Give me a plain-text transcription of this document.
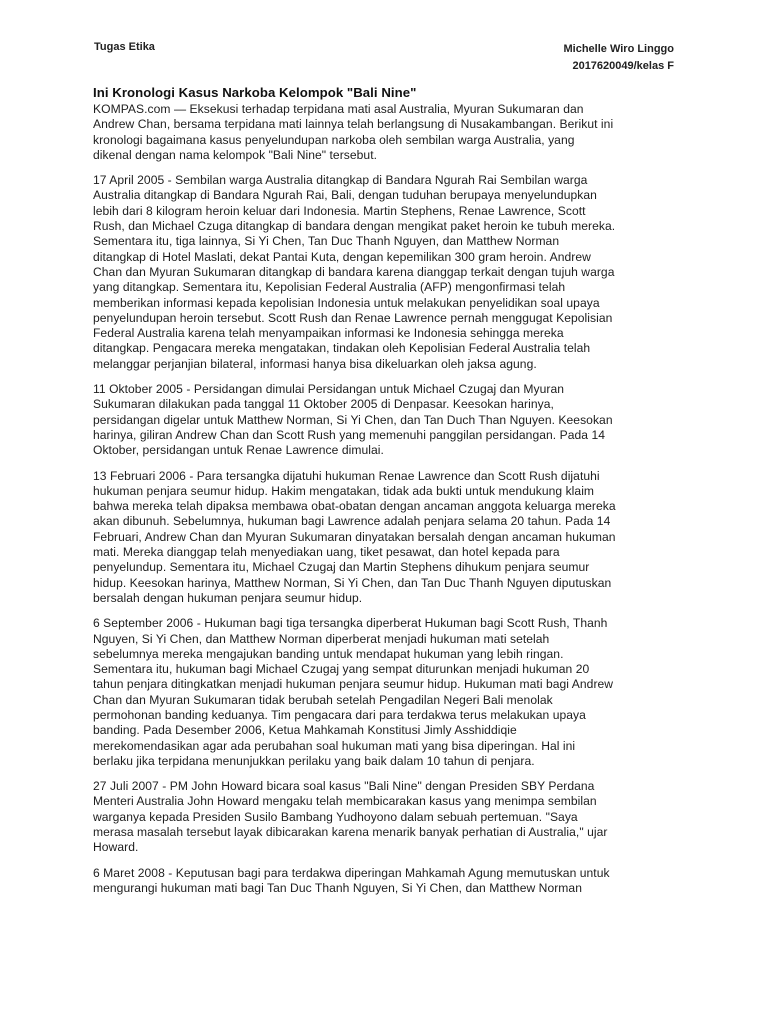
Tugas Etika	Michelle Wiro Linggo
2017620049/kelas F
Ini Kronologi Kasus Narkoba Kelompok "Bali Nine"
KOMPAS.com — Eksekusi terhadap terpidana mati asal Australia, Myuran Sukumaran dan
Andrew Chan, bersama terpidana mati lainnya telah berlangsung di Nusakambangan. Berikut ini
kronologi bagaimana kasus penyelundupan narkoba oleh sembilan warga Australia, yang
dikenal dengan nama kelompok "Bali Nine" tersebut.
17 April 2005 - Sembilan warga Australia ditangkap di Bandara Ngurah Rai Sembilan warga
Australia ditangkap di Bandara Ngurah Rai, Bali, dengan tuduhan berupaya menyelundupkan
lebih dari 8 kilogram heroin keluar dari Indonesia. Martin Stephens, Renae Lawrence, Scott
Rush, dan Michael Czuga ditangkap di bandara dengan mengikat paket heroin ke tubuh mereka.
Sementara itu, tiga lainnya, Si Yi Chen, Tan Duc Thanh Nguyen, dan Matthew Norman
ditangkap di Hotel Maslati, dekat Pantai Kuta, dengan kepemilikan 300 gram heroin. Andrew
Chan dan Myuran Sukumaran ditangkap di bandara karena dianggap terkait dengan tujuh warga
yang ditangkap. Sementara itu, Kepolisian Federal Australia (AFP) mengonfirmasi telah
memberikan informasi kepada kepolisian Indonesia untuk melakukan penyelidikan soal upaya
penyelundupan heroin tersebut. Scott Rush dan Renae Lawrence pernah menggugat Kepolisian
Federal Australia karena telah menyampaikan informasi ke Indonesia sehingga mereka
ditangkap. Pengacara mereka mengatakan, tindakan oleh Kepolisian Federal Australia telah
melanggar perjanjian bilateral, informasi hanya bisa dikeluarkan oleh jaksa agung.
11 Oktober 2005 - Persidangan dimulai Persidangan untuk Michael Czugaj dan Myuran
Sukumaran dilakukan pada tanggal 11 Oktober 2005 di Denpasar. Keesokan harinya,
persidangan digelar untuk Matthew Norman, Si Yi Chen, dan Tan Duch Than Nguyen. Keesokan
harinya, giliran Andrew Chan dan Scott Rush yang memenuhi panggilan persidangan. Pada 14
Oktober, persidangan untuk Renae Lawrence dimulai.
13 Februari 2006 - Para tersangka dijatuhi hukuman Renae Lawrence dan Scott Rush dijatuhi
hukuman penjara seumur hidup. Hakim mengatakan, tidak ada bukti untuk mendukung klaim
bahwa mereka telah dipaksa membawa obat-obatan dengan ancaman anggota keluarga mereka
akan dibunuh. Sebelumnya, hukuman bagi Lawrence adalah penjara selama 20 tahun. Pada 14
Februari, Andrew Chan dan Myuran Sukumaran dinyatakan bersalah dengan ancaman hukuman
mati. Mereka dianggap telah menyediakan uang, tiket pesawat, dan hotel kepada para
penyelundup. Sementara itu, Michael Czugaj dan Martin Stephens dihukum penjara seumur
hidup. Keesokan harinya, Matthew Norman, Si Yi Chen, dan Tan Duc Thanh Nguyen diputuskan
bersalah dengan hukuman penjara seumur hidup.
6 September 2006 - Hukuman bagi tiga tersangka diperberat Hukuman bagi Scott Rush, Thanh
Nguyen, Si Yi Chen, dan Matthew Norman diperberat menjadi hukuman mati setelah
sebelumnya mereka mengajukan banding untuk mendapat hukuman yang lebih ringan.
Sementara itu, hukuman bagi Michael Czugaj yang sempat diturunkan menjadi hukuman 20
tahun penjara ditingkatkan menjadi hukuman penjara seumur hidup. Hukuman mati bagi Andrew
Chan dan Myuran Sukumaran tidak berubah setelah Pengadilan Negeri Bali menolak
permohonan banding keduanya. Tim pengacara dari para terdakwa terus melakukan upaya
banding. Pada Desember 2006, Ketua Mahkamah Konstitusi Jimly Asshiddiqie
merekomendasikan agar ada perubahan soal hukuman mati yang bisa diperingan. Hal ini
berlaku jika terpidana menunjukkan perilaku yang baik dalam 10 tahun di penjara.
27 Juli 2007 - PM John Howard bicara soal kasus "Bali Nine" dengan Presiden SBY Perdana
Menteri Australia John Howard mengaku telah membicarakan kasus yang menimpa sembilan
warganya kepada Presiden Susilo Bambang Yudhoyono dalam sebuah pertemuan. "Saya
merasa masalah tersebut layak dibicarakan karena menarik banyak perhatian di Australia," ujar
Howard.
6 Maret 2008 - Keputusan bagi para terdakwa diperingan Mahkamah Agung memutuskan untuk
mengurangi hukuman mati bagi Tan Duc Thanh Nguyen, Si Yi Chen, dan Matthew Norman
